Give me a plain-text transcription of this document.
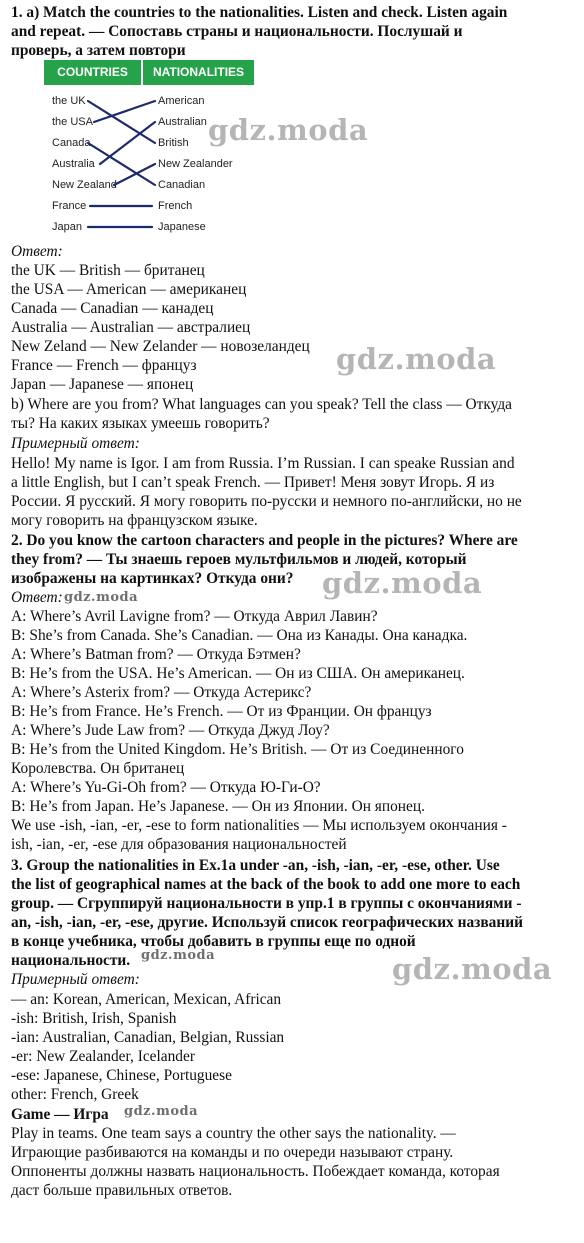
1. a) Match the countries to the nationalities. Listen and check. Listen again
and repeat. — Сопоставь страны и национальности. Послушай и
проверь, а затем повтори
COUNTRIES	NATIONALITIES
the UK
the USA
Canada
Australia
New Zealand
France
Japan
American
Australian
British
New Zealander
Canadian
French
Japanese
Ответ:
the UK — British — британец
the USA — American — американец
Canada — Canadian — канадец
Australia — Australian — австралиец
New Zeland — New Zelander — новозеландец
France — French — француз
Japan — Japanese — японец
b) Where are you from? What languages can you speak? Tell the class — Откуда
ты? На каких языках умеешь говорить?
Примерный ответ:
Hello! My name is Igor. I am from Russia. I’m Russian. I can speake Russian and
a little English, but I can’t speak French. — Привет! Меня зовут Игорь. Я из
России. Я русский. Я могу говорить по-русски и немного по-английски, но не
могу говорить на французском языке.
2. Do you know the cartoon characters and people in the pictures? Where are
they from? — Ты знаешь героев мультфильмов и людей, который
изображены на картинках? Откуда они?
Ответ:
A: Where’s Avril Lavigne from? — Откуда Аврил Лавин?
B: She’s from Canada. She’s Canadian. — Она из Канады. Она канадка.
A: Where’s Batman from? — Откуда Бэтмен?
B: He’s from the USA. He’s American. — Он из США. Он американец.
A: Where’s Asterix from? — Откуда Астерикс?
B: He’s from France. He’s French. — От из Франции. Он француз
A: Where’s Jude Law from? — Откуда Джуд Лоу?
B: He’s from the United Kingdom. He’s British. — От из Соединенного
Королевства. Он британец
A: Where’s Yu-Gi-Oh from? — Откуда Ю-Ги-О?
B: He’s from Japan. He’s Japanese. — Он из Японии. Он японец.
We use -ish, -ian, -er, -ese to form nationalities — Мы используем окончания -
ish, -ian, -er, -ese для образования национальностей
3. Group the nationalities in Ex.1a under -an, -ish, -ian, -er, -ese, other. Use
the list of geographical names at the back of the book to add one more to each
group. — Сгруппируй национальности в упр.1 в группы с окончаниями -
an, -ish, -ian, -er, -ese, другие. Используй список географических названий
в конце учебника, чтобы добавить в группы еще по одной
национальности.
Примерный ответ:
— an: Korean, American, Mexican, African
-ish: British, Irish, Spanish
-ian: Australian, Canadian, Belgian, Russian
-er: New Zealander, Icelander
-ese: Japanese, Chinese, Portuguese
other: French, Greek
Game — Игра
Play in teams. One team says a country the other says the nationality. —
Играющие разбиваются на команды и по очереди называют страну.
Оппоненты должны назвать национальность. Побеждает команда, которая
даст больше правильных ответов.
gdz.moda
gdz.moda
gdz.moda
gdz.moda
gdz.moda
gdz.moda
gdz.moda
